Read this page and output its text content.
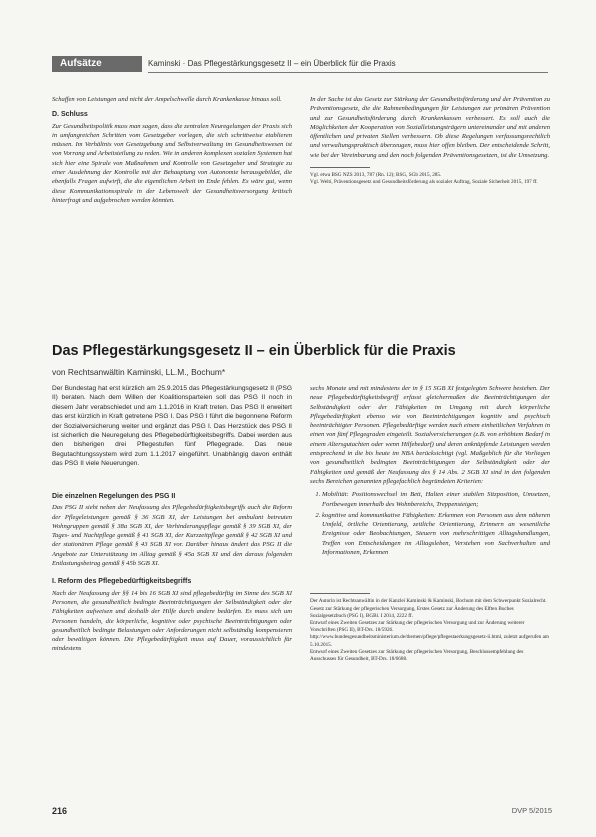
Aufsätze	Kaminski · Das Pflegestärkungsgesetz II – ein Überblick für die Praxis

Schaffen von Leistungen und nicht der Ampelschwelle durch Krankenkasse hinaus soll.

D. Schluss

Zur Gesundheitspolitik muss man sagen, dass die zentralen Neuregelungen der Praxis sich in umfangreichen Schritten vom Gesetzgeber vorlegen, die sich schrittweise etablieren müssen. Im Verhältnis von Gesetzgebung und Selbstverwaltung im Gesundheitswesen ist von Vorrang und Arbeitsteilung zu reden. Wie in anderen komplexen sozialen Systemen hat sich hier eine Spirale von Maßnahmen und Kontrolle von Gesetzgeber und Strategie zu einer Ausdehnung der Kontrolle mit der Behauptung von Autonomie herausgebildet, die ebenfalls Fragen aufwirft, die die eigentlichen Arbeit im Ende fehlen. Es wäre gut, wenn diese Kommunikationsspirale in der Lebenswelt der Gesundheitsversorgung kritisch hinterfragt und aufgebrochen werden könnten.

In der Sache ist das Gesetz zur Stärkung der Gesundheitsförderung und der Prävention zu Präventionsgesetz, die die Rahmenbedingungen für Leistungen zur primären Prävention und zur Gesundheitsförderung durch Krankenkassen verbessert. Es soll auch die Möglichkeiten der Kooperation von Sozialleistungsträgern untereinander und mit anderen öffentlichen und privaten Stellen verbessern. Ob diese Regelungen verfassungsrechtlich und verwaltungspraktisch überzeugen, muss hier offen bleiben. Der entscheidende Schritt, wie bei der Vereinbarung und den noch folgenden Präventionsgesetzen, ist die Umsetzung.

Vgl. etwa BSG NZS 2013, 787 (Rn. 12); BSG, SGb 2015, 285.

Vgl. Welti, Präventionsgesetz und Gesundheitsförderung als sozialer Auftrag, Soziale Sicherheit 2015, 197 ff.

Das Pflegestärkungsgesetz II – ein Überblick für die Praxis
von Rechtsanwältin Kaminski, LL.M., Bochum*

Der Bundestag hat erst kürzlich am 25.9.2015 das Pflegestärkungsgesetz II (PSG II) beraten. Nach dem Willen der Koalitionsparteien soll das PSG II noch in diesem Jahr verabschiedet und am 1.1.2016 in Kraft treten. Das PSG II erweitert das erst kürzlich in Kraft getretene PSG I. Das PSG I führt die begonnene Reform der Sozialversicherung weiter und ergänzt das PSG I. Das Herzstück des PSG II ist sicherlich die Neuregelung des Pflegebedürftigkeitsbegriffs. Dabei werden aus den bisherigen drei Pflegestufen fünf Pflegegrade. Das neue Begutachtungssystem wird zum 1.1.2017 eingeführt. Unabhängig davon enthält das PSG II viele Neuerungen.

Die einzelnen Regelungen des PSG II

Das PSG II sieht neben der Neufassung des Pflegebedürftigkeitsbegriffs auch die Reform der Pflegeleistungen gemäß § 36 SGB XI, der Leistungen bei ambulant betreuten Wohngruppen gemäß § 38a SGB XI, der Verhinderungspflege gemäß § 39 SGB XI, der Tages- und Nachtpflege gemäß § 41 SGB XI, der Kurzzeitpflege gemäß § 42 SGB XI und der stationären Pflege gemäß § 43 SGB XI vor. Darüber hinaus ändert das PSG II die Angebote zur Unterstützung im Alltag gemäß § 45a SGB XI und den daraus folgenden Entlastungsbetrag gemäß § 45b SGB XI.

I. Reform des Pflegebedürftigkeitsbegriffs

Nach der Neufassung der §§ 14 bis 16 SGB XI sind pflegebedürftig im Sinne des SGB XI Personen, die gesundheitlich bedingte Beeinträchtigungen der Selbständigkeit oder der Fähigkeiten aufweisen und deshalb der Hilfe durch andere bedürfen. Es muss sich um Personen handeln, die körperliche, kognitive oder psychische Beeinträchtigungen oder gesundheitlich bedingte Belastungen oder Anforderungen nicht selbständig kompensieren oder bewältigen können. Die Pflegebedürftigkeit muss auf Dauer, voraussichtlich für mindestens

sechs Monate und mit mindestens der in § 15 SGB XI festgelegten Schwere bestehen. Der neue Pflegebedürftigkeitsbegriff erfasst gleichermaßen die Beeinträchtigungen der Selbständigkeit oder der Fähigkeiten im Umgang mit durch körperliche Pflegebedürftigkeit ebenso wie von Beeinträchtigungen kognitiv und psychisch beeinträchtigter Personen. Pflegebedürftige werden nach einem einheitlichen Verfahren in einen von fünf Pflegegraden eingeteilt. Sozialversicherungen (z.B. von erhöhtem Bedarf in einem Altersgutachten oder wenn Hilfebedarf) und deren anknüpfende Leistungen werden entsprechend in die bis heute im NBA berücksichtigt (vgl. Maßgeblich für die Vorliegen von gesundheitlich bedingten Beeinträchtigungen der Selbständigkeit oder der Fähigkeiten und gemäß der Neufassung des § 14 Abs. 2 SGB XI sind in den folgenden sechs Bereichen genannten pflegefachlich begründeten Kriterien:

1. Mobilität: Positionswechsel im Bett, Halten einer stabilen Sitzposition, Umsetzen, Fortbewegen innerhalb des Wohnbereichs, Treppensteigen;
2. kognitive und kommunikative Fähigkeiten: Erkennen von Personen aus dem näheren Umfeld, örtliche Orientierung, zeitliche Orientierung, Erinnern an wesentliche Ereignisse oder Beobachtungen, Steuern von mehrschrittigen Alltagshandlungen, Treffen von Entscheidungen im Alltagsleben, Verstehen von Sachverhalten und Informationen, Erkennen

Der Autorin ist Rechtsanwältin in der Kanzlei Kaminski & Kaminski, Bochum mit dem Schwerpunkt Sozialrecht.

Gesetz zur Stärkung der pflegerischen Versorgung, Erstes Gesetz zur Änderung des Elften Buches Sozialgesetzbuch (PSG I), BGBl. I 2014, 2222 ff.

Entwurf eines Zweiten Gesetzes zur Stärkung der pflegerischen Versorgung und zur Änderung weiterer Vorschriften (PSG II), BT-Drs. 18/5926.

http://www.bundesgesundheitsministerium.de/themen/pflege/pflegestaerkungsgesetz-ii.html, zuletzt aufgerufen am 5.10.2015.

Entwurf eines Zweiten Gesetzes zur Stärkung der pflegerischen Versorgung, Beschlussempfehlung des Ausschusses für Gesundheit, BT-Drs. 18/6688.

216	DVP 5/2015
